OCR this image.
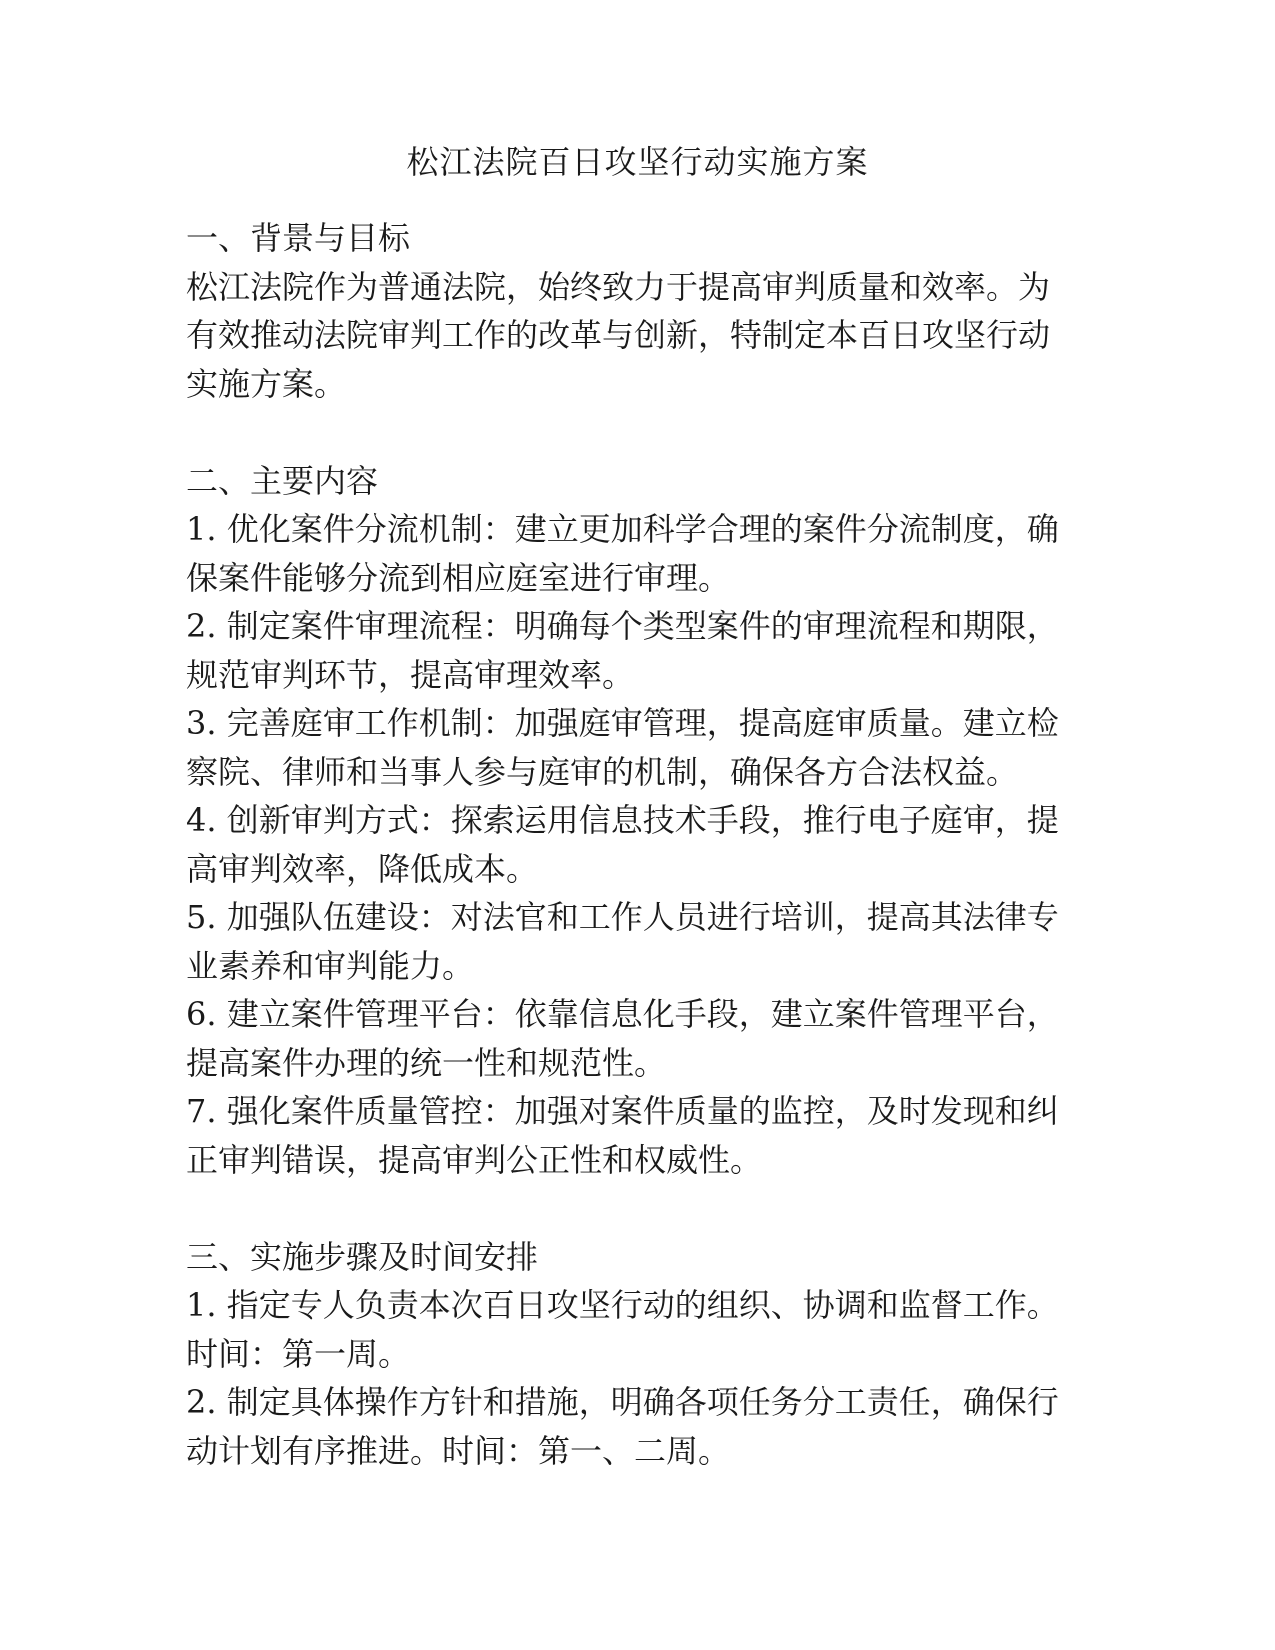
松江法院百日攻坚行动实施方案

一、背景与目标

松江法院作为普通法院，始终致力于提高审判质量和效率。为
有效推动法院审判工作的改革与创新，特制定本百日攻坚行动
实施方案。

二、主要内容

1. 优化案件分流机制：建立更加科学合理的案件分流制度，确
保案件能够分流到相应庭室进行审理。

2. 制定案件审理流程：明确每个类型案件的审理流程和期限，
规范审判环节，提高审理效率。

3. 完善庭审工作机制：加强庭审管理，提高庭审质量。建立检
察院、律师和当事人参与庭审的机制，确保各方合法权益。

4. 创新审判方式：探索运用信息技术手段，推行电子庭审，提
高审判效率，降低成本。

5. 加强队伍建设：对法官和工作人员进行培训，提高其法律专
业素养和审判能力。

6. 建立案件管理平台：依靠信息化手段，建立案件管理平台，
提高案件办理的统一性和规范性。

7. 强化案件质量管控：加强对案件质量的监控，及时发现和纠
正审判错误，提高审判公正性和权威性。

三、实施步骤及时间安排

1. 指定专人负责本次百日攻坚行动的组织、协调和监督工作。
时间：第一周。

2. 制定具体操作方针和措施，明确各项任务分工责任，确保行
动计划有序推进。时间：第一、二周。
